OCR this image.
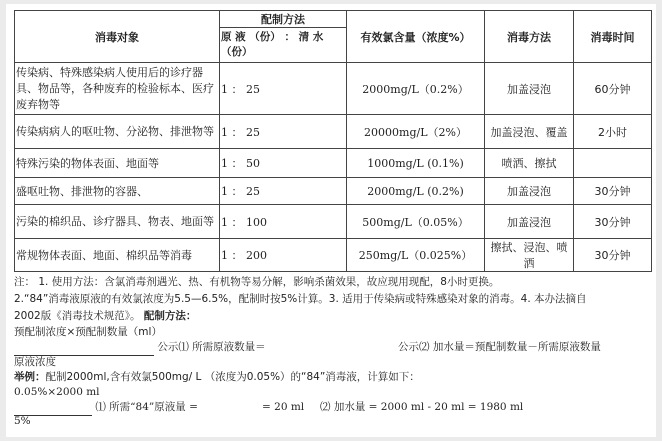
消毒对象	配制方法	有效氯含量（浓度%）	消毒方法	消毒时间
	原 液 （份） ： 清 水 （份）			
传染病、特殊感染病人使用后的诊疗器具、物品等，各种废弃的检验标本、医疗废弃物等	1 ： 25	2000mg/L（0.2%）	加盖浸泡	60分钟
传染病病人的呕吐物、分泌物、排泄物等	1 ： 25	20000mg/L（2%）	加盖浸泡、覆盖	2小时
特殊污染的物体表面、地面等	1 ： 50	1000mg/L (0.1%)	喷洒、擦拭	
盛呕吐物、排泄物的容器、	1 ： 25	2000mg/L (0.2%)	加盖浸泡	30分钟
污染的棉织品、诊疗器具、物表、地面等	1 ： 100	500mg/L（0.05%）	加盖浸泡	30分钟
常规物体表面、地面、棉织品等消毒	1 ： 200	250mg/L（0.025%）	擦拭、浸泡、喷洒	30分钟
注： 1. 使用方法：含氯消毒剂遇光、热、有机物等易分解，影响杀菌效果，故应现用现配，8小时更换。
2.“84”消毒液原液的有效氯浓度为5.5—6.5%，配制时按5%计算。3. 适用于传染病或特殊感染对象的消毒。4. 本办法摘自
2002版《消毒技术规范》。 配制方法：
预配制浓度×预配制数量（ml）
公示⑴ 所需原液数量＝	公示⑵ 加水量＝预配制数量－所需原液数量
原液浓度
举例：配制2000ml,含有效氯500mg/ L （浓度为0.05%）的“84”消毒液，计算如下：
0.05%×2000 ml
⑴ 所需“84”原液量 =	= 20 ml ⑵ 加水量 = 2000 ml - 20 ml = 1980 ml
5%
